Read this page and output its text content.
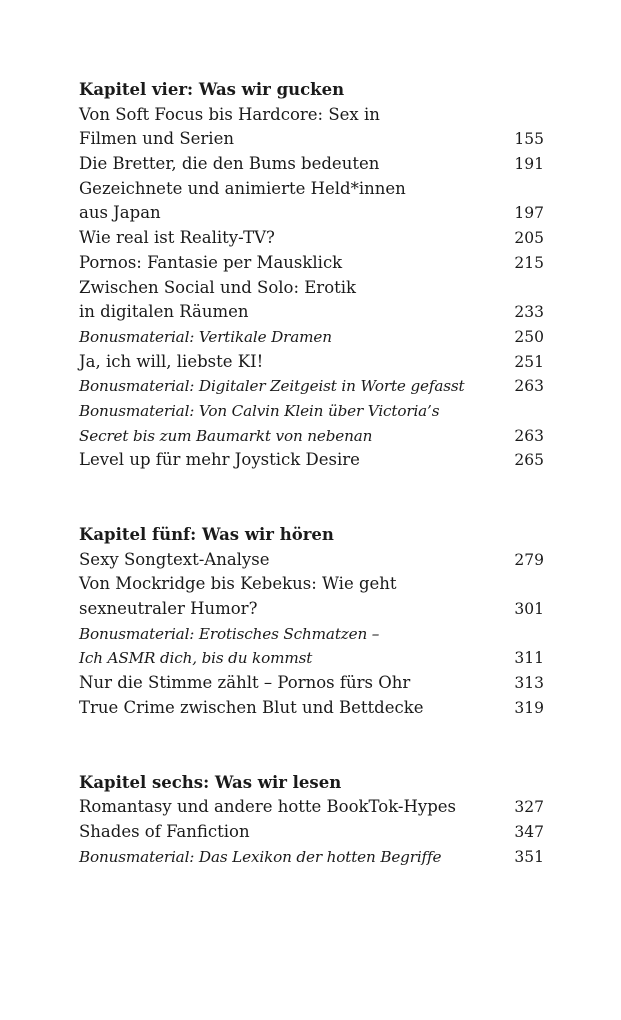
Kapitel vier: Was wir gucken
Von Soft Focus bis Hardcore: Sex in
Filmen und Serien	155
Die Bretter, die den Bums bedeuten	191
Gezeichnete und animierte Held*innen
aus Japan	197
Wie real ist Reality-TV?	205
Pornos: Fantasie per Mausklick	215
Zwischen Social und Solo: Erotik
in digitalen Räumen	233
Bonusmaterial: Vertikale Dramen	250
Ja, ich will, liebste KI!	251
Bonusmaterial: Digitaler Zeitgeist in Worte gefasst	263
Bonusmaterial: Von Calvin Klein über Victoria’s
Secret bis zum Baumarkt von nebenan	263
Level up für mehr Joystick Desire	265
Kapitel fünf: Was wir hören
Sexy Songtext-Analyse	279
Von Mockridge bis Kebekus: Wie geht
sexneutraler Humor?	301
Bonusmaterial: Erotisches Schmatzen –
Ich ASMR dich, bis du kommst	311
Nur die Stimme zählt – Pornos fürs Ohr	313
True Crime zwischen Blut und Bettdecke	319
Kapitel sechs: Was wir lesen
Romantasy und andere hotte BookTok-Hypes	327
Shades of Fanfiction	347
Bonusmaterial: Das Lexikon der hotten Begriffe	351
